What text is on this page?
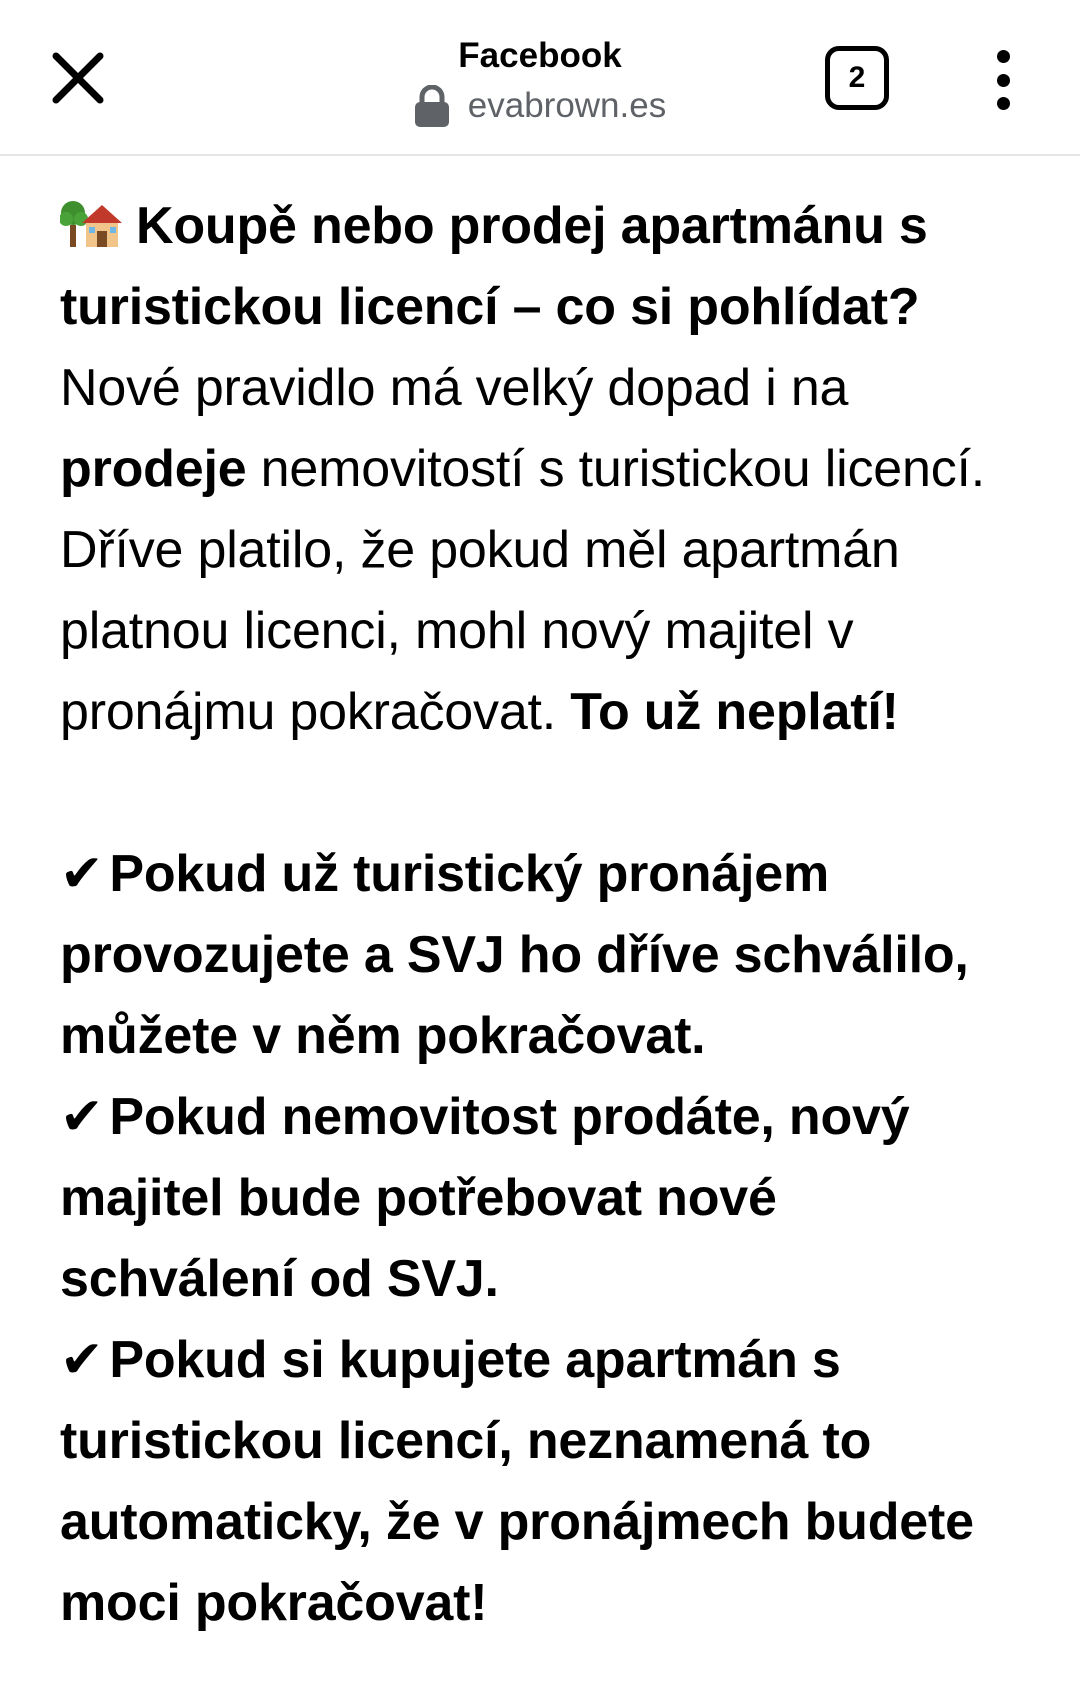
Facebook
evabrown.es
2

Koupě nebo prodej apartmánu s turistickou licencí – co si pohlídat?

Nové pravidlo má velký dopad i na prodeje nemovitostí s turistickou licencí. Dříve platilo, že pokud měl apartmán platnou licenci, mohl nový majitel v pronájmu pokračovat. To už neplatí!

✔ Pokud už turistický pronájem provozujete a SVJ ho dříve schválilo, můžete v něm pokračovat.

✔ Pokud nemovitost prodáte, nový majitel bude potřebovat nové schválení od SVJ.

✔ Pokud si kupujete apartmán s turistickou licencí, neznamená to automaticky, že v pronájmech budete moci pokračovat!
